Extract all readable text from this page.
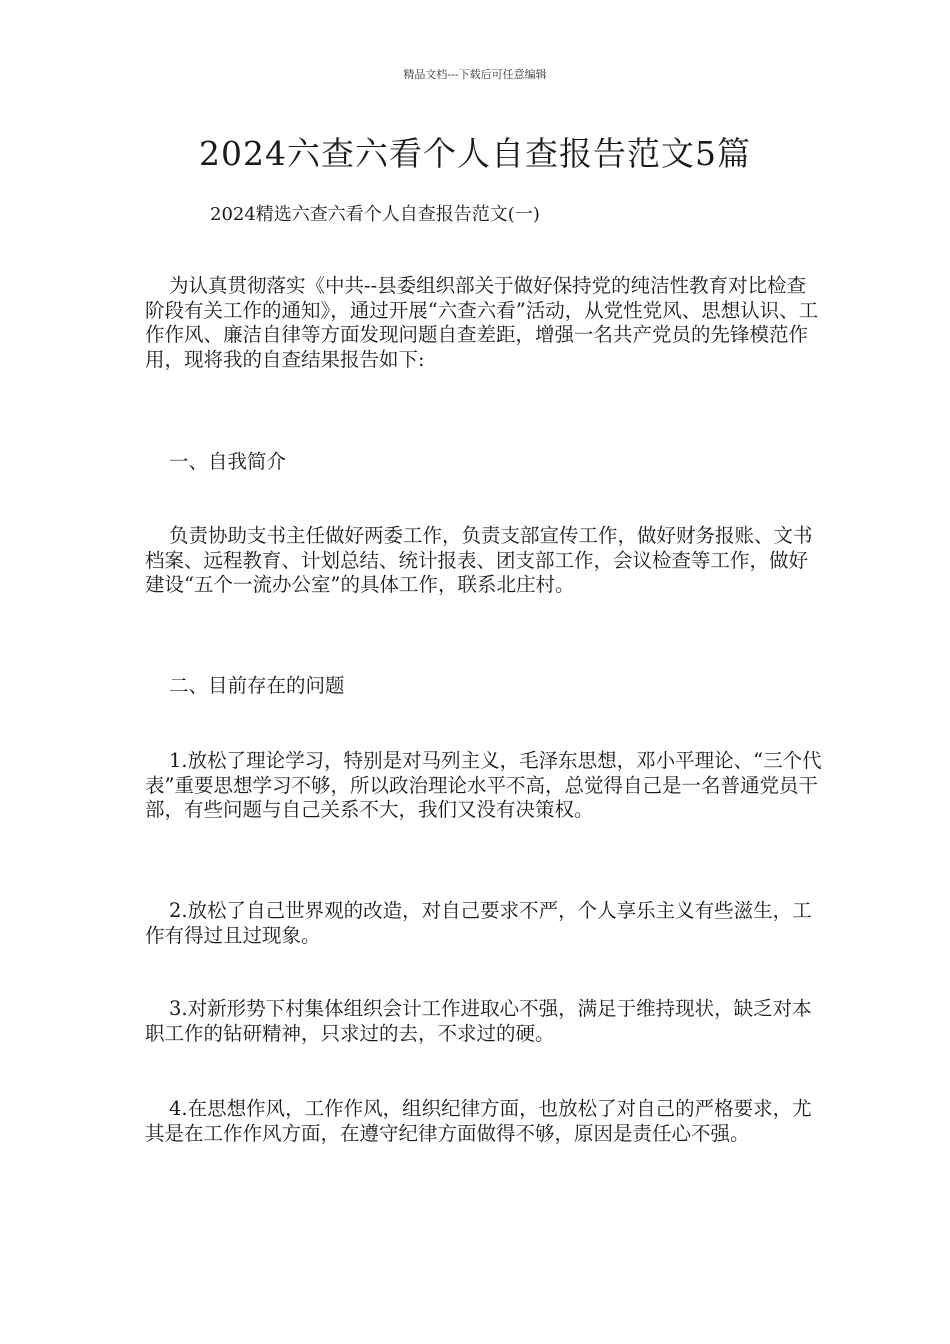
精品文档---下载后可任意编辑
2024六查六看个人自查报告范文5篇
2024精选六查六看个人自查报告范文(一)

为认真贯彻落实《中共--县委组织部关于做好保持党的纯洁性教育对比检查阶段有关工作的通知》，通过开展“六查六看”活动，从党性党风、思想认识、工作作风、廉洁自律等方面发现问题自查差距，增强一名共产党员的先锋模范作用，现将我的自查结果报告如下:

一、自我简介

负责协助支书主任做好两委工作，负责支部宣传工作，做好财务报账、文书档案、远程教育、计划总结、统计报表、团支部工作，会议检查等工作，做好建设“五个一流办公室”的具体工作，联系北庄村。

二、目前存在的问题

1.放松了理论学习，特别是对马列主义，毛泽东思想，邓小平理论、“三个代表”重要思想学习不够，所以政治理论水平不高，总觉得自己是一名普通党员干部，有些问题与自己关系不大，我们又没有决策权。

2.放松了自己世界观的改造，对自己要求不严，个人享乐主义有些滋生，工作有得过且过现象。

3.对新形势下村集体组织会计工作进取心不强，满足于维持现状，缺乏对本职工作的钻研精神，只求过的去，不求过的硬。

4.在思想作风，工作作风，组织纪律方面，也放松了对自己的严格要求，尤其是在工作作风方面，在遵守纪律方面做得不够，原因是责任心不强。
